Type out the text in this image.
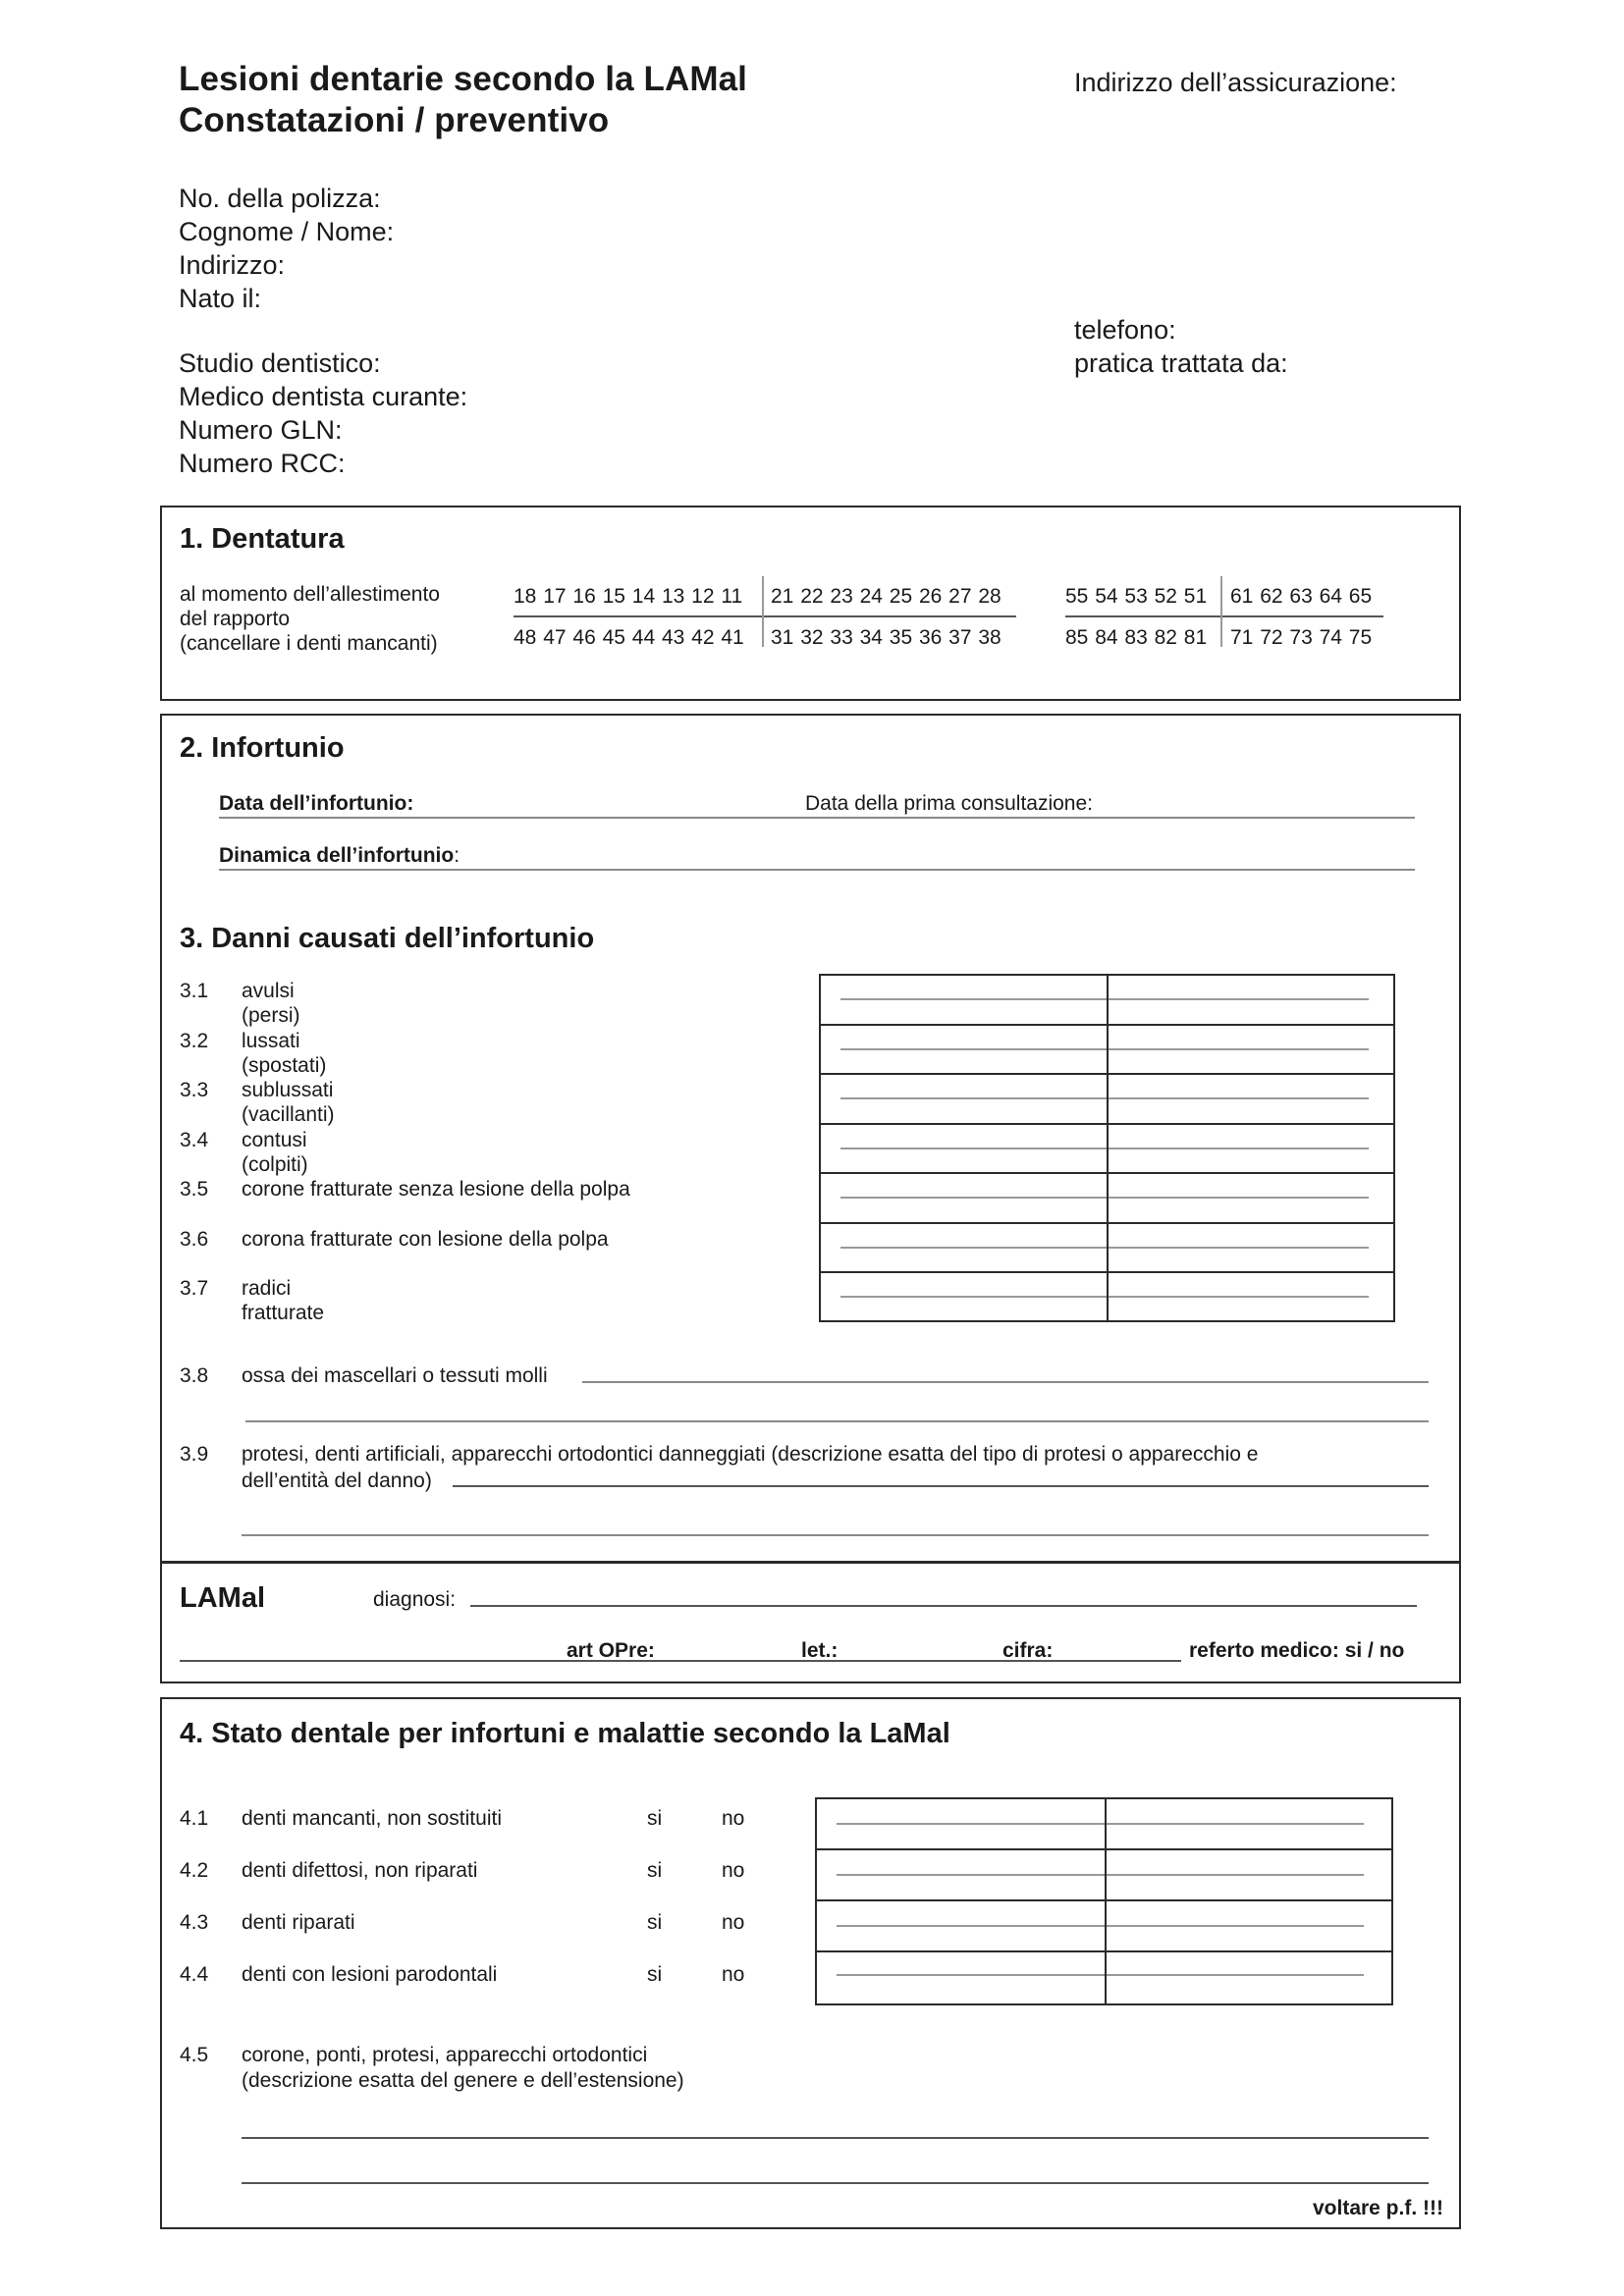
Lesioni dentarie secondo la LAMal
Constatazioni / preventivo
Indirizzo dell’assicurazione:
No. della polizza:
Cognome / Nome:
Indirizzo:
Nato il:
Studio dentistico:
Medico dentista curante:
Numero GLN:
Numero RCC:
telefono:
pratica trattata da:
1. Dentatura
al momento dell’allestimento
del rapporto
(cancellare i denti mancanti)
18 17 16 15 14 13 12 11 21 22 23 24 25 26 27 28
48 47 46 45 44 43 42 41 31 32 33 34 35 36 37 38
55 54 53 52 51 61 62 63 64 65
85 84 83 82 81 71 72 73 74 75
2. Infortunio
Data dell’infortunio:	Data della prima consultazione:
Dinamica dell’infortunio:
3. Danni causati dell’infortunio
3.1 avulsi (persi)
3.2 lussati (spostati)
3.3 sublussati (vacillanti)
3.4 contusi (colpiti)
3.5 corone fratturate senza lesione della polpa
3.6 corona fratturate con lesione della polpa
3.7 radici fratturate
3.8 ossa dei mascellari o tessuti molli
3.9 protesi, denti artificiali, apparecchi ortodontici danneggiati (descrizione esatta del tipo di protesi o apparecchio e
dell’entità del danno)
LAMal	diagnosi:
art OPre:	let.:	cifra:	referto medico: si / no
4. Stato dentale per infortuni e malattie secondo la LaMal
4.1 denti mancanti, non sostituiti	si	no
4.2 denti difettosi, non riparati	si	no
4.3 denti riparati	si	no
4.4 denti con lesioni parodontali	si	no
4.5 corone, ponti, protesi, apparecchi ortodontici
(descrizione esatta del genere e dell’estensione)
voltare p.f. !!!
